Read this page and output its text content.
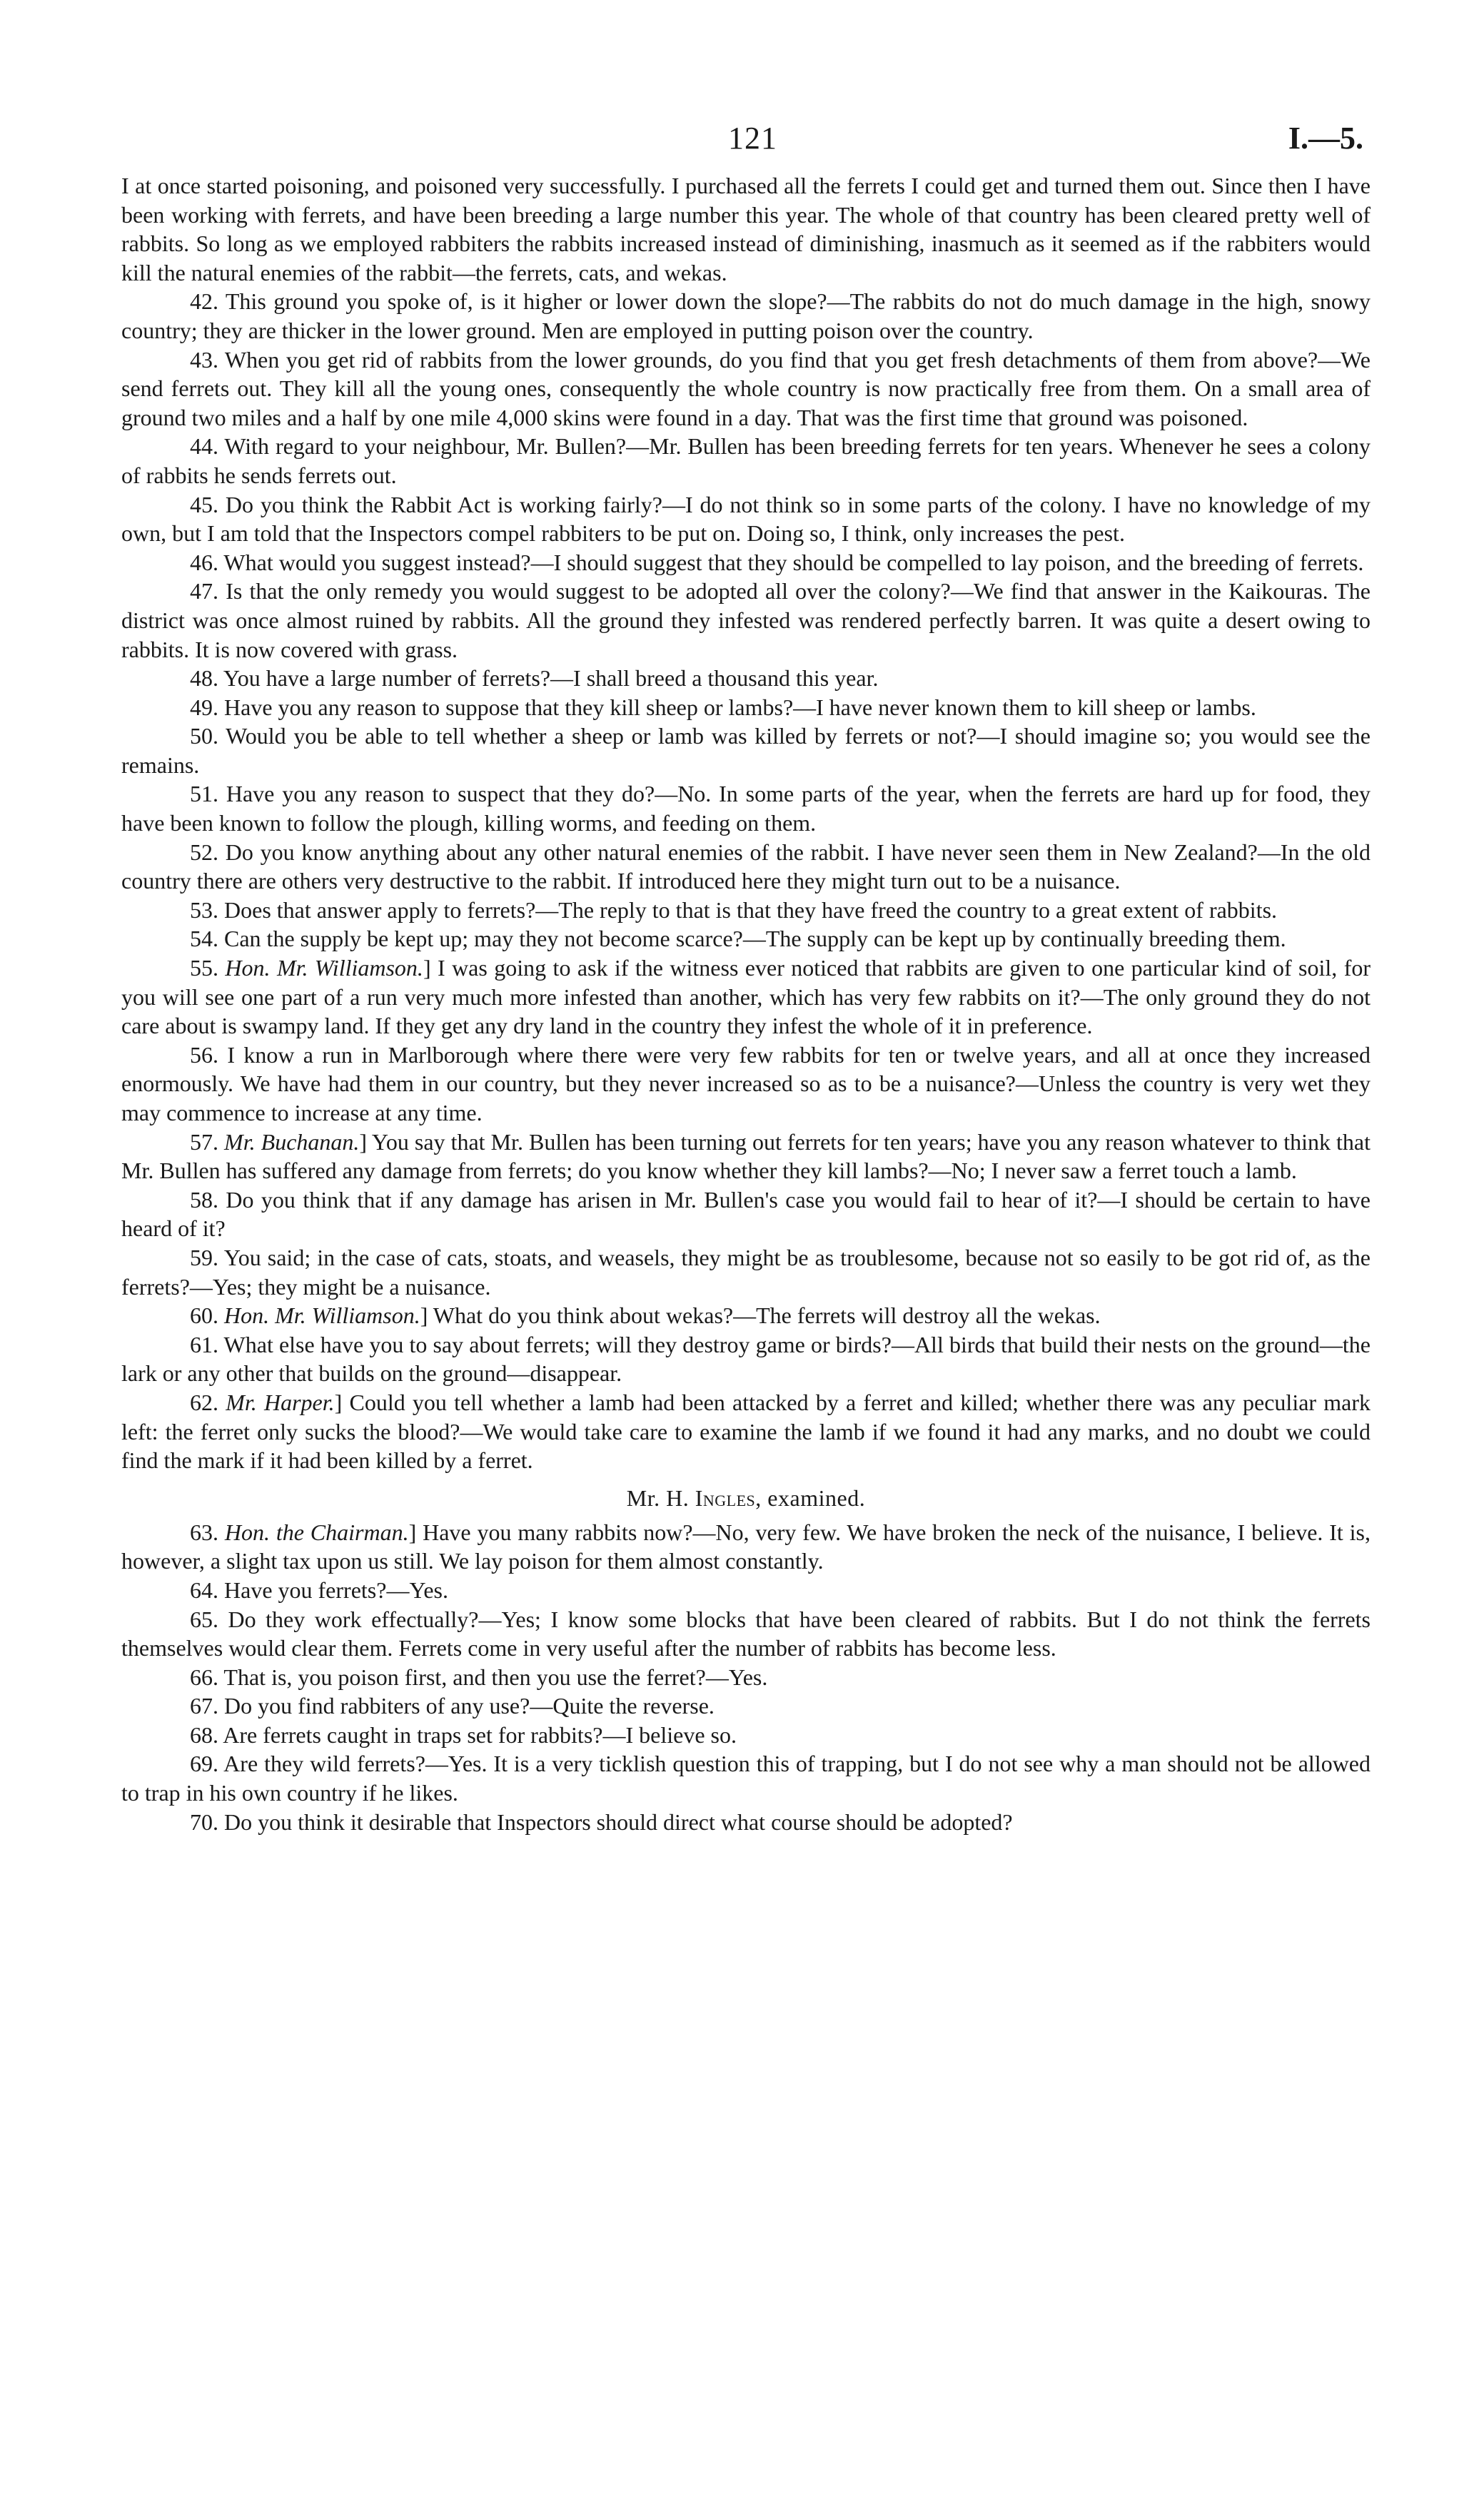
121	I.—5.

I at once started poisoning, and poisoned very successfully. I purchased all the ferrets I could get and turned them out. Since then I have been working with ferrets, and have been breeding a large number this year. The whole of that country has been cleared pretty well of rabbits. So long as we employed rabbiters the rabbits increased instead of diminishing, inasmuch as it seemed as if the rabbiters would kill the natural enemies of the rabbit—the ferrets, cats, and wekas.

42. This ground you spoke of, is it higher or lower down the slope?—The rabbits do not do much damage in the high, snowy country; they are thicker in the lower ground. Men are employed in putting poison over the country.

43. When you get rid of rabbits from the lower grounds, do you find that you get fresh detachments of them from above?—We send ferrets out. They kill all the young ones, consequently the whole country is now practically free from them. On a small area of ground two miles and a half by one mile 4,000 skins were found in a day. That was the first time that ground was poisoned.

44. With regard to your neighbour, Mr. Bullen?—Mr. Bullen has been breeding ferrets for ten years. Whenever he sees a colony of rabbits he sends ferrets out.

45. Do you think the Rabbit Act is working fairly?—I do not think so in some parts of the colony. I have no knowledge of my own, but I am told that the Inspectors compel rabbiters to be put on. Doing so, I think, only increases the pest.

46. What would you suggest instead?—I should suggest that they should be compelled to lay poison, and the breeding of ferrets.

47. Is that the only remedy you would suggest to be adopted all over the colony?—We find that answer in the Kaikouras. The district was once almost ruined by rabbits. All the ground they infested was rendered perfectly barren. It was quite a desert owing to rabbits. It is now covered with grass.

48. You have a large number of ferrets?—I shall breed a thousand this year.

49. Have you any reason to suppose that they kill sheep or lambs?—I have never known them to kill sheep or lambs.

50. Would you be able to tell whether a sheep or lamb was killed by ferrets or not?—I should imagine so; you would see the remains.

51. Have you any reason to suspect that they do?—No. In some parts of the year, when the ferrets are hard up for food, they have been known to follow the plough, killing worms, and feeding on them.

52. Do you know anything about any other natural enemies of the rabbit. I have never seen them in New Zealand?—In the old country there are others very destructive to the rabbit. If introduced here they might turn out to be a nuisance.

53. Does that answer apply to ferrets?—The reply to that is that they have freed the country to a great extent of rabbits.

54. Can the supply be kept up; may they not become scarce?—The supply can be kept up by continually breeding them.

55. Hon. Mr. Williamson.] I was going to ask if the witness ever noticed that rabbits are given to one particular kind of soil, for you will see one part of a run very much more infested than another, which has very few rabbits on it?—The only ground they do not care about is swampy land. If they get any dry land in the country they infest the whole of it in preference.

56. I know a run in Marlborough where there were very few rabbits for ten or twelve years, and all at once they increased enormously. We have had them in our country, but they never increased so as to be a nuisance?—Unless the country is very wet they may commence to increase at any time.

57. Mr. Buchanan.] You say that Mr. Bullen has been turning out ferrets for ten years; have you any reason whatever to think that Mr. Bullen has suffered any damage from ferrets; do you know whether they kill lambs?—No; I never saw a ferret touch a lamb.

58. Do you think that if any damage has arisen in Mr. Bullen's case you would fail to hear of it?—I should be certain to have heard of it?

59. You said; in the case of cats, stoats, and weasels, they might be as troublesome, because not so easily to be got rid of, as the ferrets?—Yes; they might be a nuisance.

60. Hon. Mr. Williamson.] What do you think about wekas?—The ferrets will destroy all the wekas.

61. What else have you to say about ferrets; will they destroy game or birds?—All birds that build their nests on the ground—the lark or any other that builds on the ground—disappear.

62. Mr. Harper.] Could you tell whether a lamb had been attacked by a ferret and killed; whether there was any peculiar mark left: the ferret only sucks the blood?—We would take care to examine the lamb if we found it had any marks, and no doubt we could find the mark if it had been killed by a ferret.

Mr. H. Ingles, examined.

63. Hon. the Chairman.] Have you many rabbits now?—No, very few. We have broken the neck of the nuisance, I believe. It is, however, a slight tax upon us still. We lay poison for them almost constantly.

64. Have you ferrets?—Yes.

65. Do they work effectually?—Yes; I know some blocks that have been cleared of rabbits. But I do not think the ferrets themselves would clear them. Ferrets come in very useful after the number of rabbits has become less.

66. That is, you poison first, and then you use the ferret?—Yes.

67. Do you find rabbiters of any use?—Quite the reverse.

68. Are ferrets caught in traps set for rabbits?—I believe so.

69. Are they wild ferrets?—Yes. It is a very ticklish question this of trapping, but I do not see why a man should not be allowed to trap in his own country if he likes.

70. Do you think it desirable that Inspectors should direct what course should be adopted?
